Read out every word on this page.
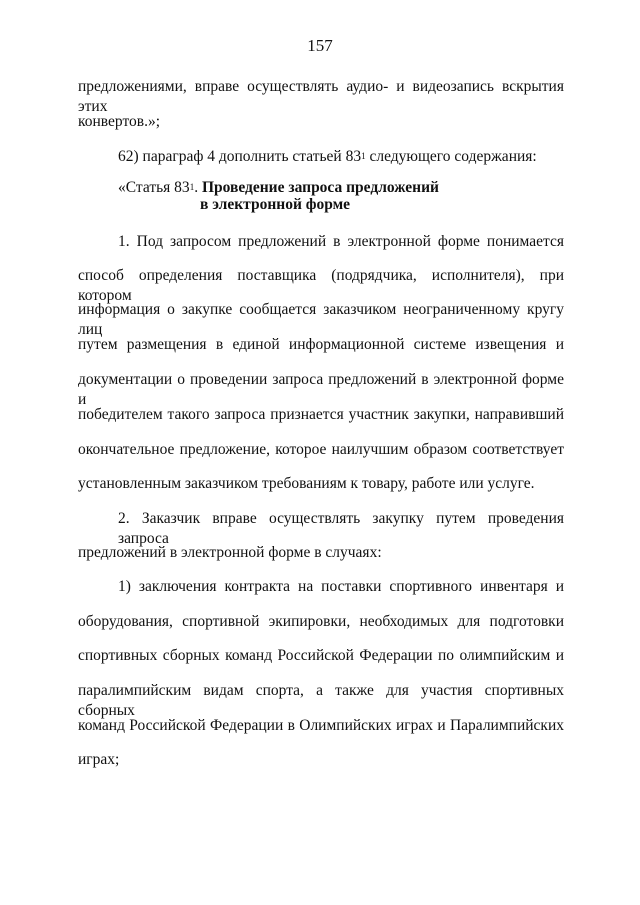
157
предложениями, вправе осуществлять аудио- и видеозапись вскрытия этих
конвертов.»;
62) параграф 4 дополнить статьей $83^1$ следующего содержания:
«Статья $83^1$. Проведение запроса предложений
в электронной форме
1. Под запросом предложений в электронной форме понимается
способ определения поставщика (подрядчика, исполнителя), при котором
информация о закупке сообщается заказчиком неограниченному кругу лиц
путем размещения в единой информационной системе извещения и
документации о проведении запроса предложений в электронной форме и
победителем такого запроса признается участник закупки, направивший
окончательное предложение, которое наилучшим образом соответствует
установленным заказчиком требованиям к товару, работе или услуге.
2. Заказчик вправе осуществлять закупку путем проведения запроса
предложений в электронной форме в случаях:
1) заключения контракта на поставки спортивного инвентаря и
оборудования, спортивной экипировки, необходимых для подготовки
спортивных сборных команд Российской Федерации по олимпийским и
паралимпийским видам спорта, а также для участия спортивных сборных
команд Российской Федерации в Олимпийских играх и Паралимпийских
играх;
